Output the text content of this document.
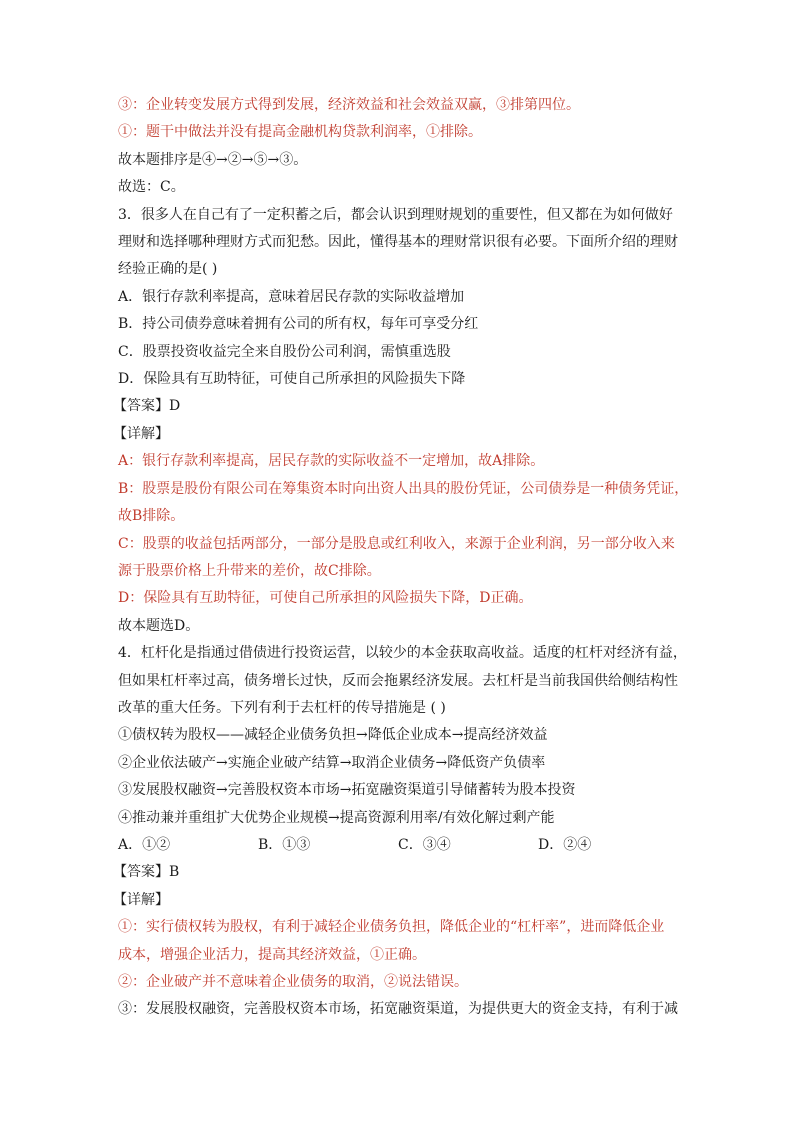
③：企业转变发展方式得到发展，经济效益和社会效益双赢，③排第四位。

①：题干中做法并没有提高金融机构贷款利润率，①排除。

故本题排序是④→②→⑤→③。

故选：C。

3．很多人在自己有了一定积蓄之后，都会认识到理财规划的重要性，但又都在为如何做好

理财和选择哪种理财方式而犯愁。因此，懂得基本的理财常识很有必要。下面所介绍的理财

经验正确的是( )

A．银行存款利率提高，意味着居民存款的实际收益增加

B．持公司债券意味着拥有公司的所有权，每年可享受分红

C．股票投资收益完全来自股份公司利润，需慎重选股

D．保险具有互助特征，可使自己所承担的风险损失下降

【答案】D

【详解】

A：银行存款利率提高，居民存款的实际收益不一定增加，故A排除。

B：股票是股份有限公司在筹集资本时向出资人出具的股份凭证，公司债券是一种债务凭证，

故B排除。

C：股票的收益包括两部分，一部分是股息或红利收入，来源于企业利润，另一部分收入来

源于股票价格上升带来的差价，故C排除。

D：保险具有互助特征，可使自己所承担的风险损失下降，D正确。

故本题选D。

4．杠杆化是指通过借债进行投资运营，以较少的本金获取高收益。适度的杠杆对经济有益，

但如果杠杆率过高，债务增长过快，反而会拖累经济发展。去杠杆是当前我国供给侧结构性

改革的重大任务。下列有利于去杠杆的传导措施是 ( )

①债权转为股权——减轻企业债务负担→降低企业成本→提高经济效益

②企业依法破产→实施企业破产结算→取消企业债务→降低资产负债率

③发展股权融资→完善股权资本市场→拓宽融资渠道引导储蓄转为股本投资

④推动兼并重组扩大优势企业规模→提高资源利用率/有效化解过剩产能

A．①②	B．①③	C．③④	D．②④

【答案】B

【详解】

①：实行债权转为股权，有利于减轻企业债务负担，降低企业的“杠杆率”，进而降低企业

成本，增强企业活力，提高其经济效益，①正确。

②：企业破产并不意味着企业债务的取消，②说法错误。

③：发展股权融资，完善股权资本市场，拓宽融资渠道，为提供更大的资金支持，有利于减
